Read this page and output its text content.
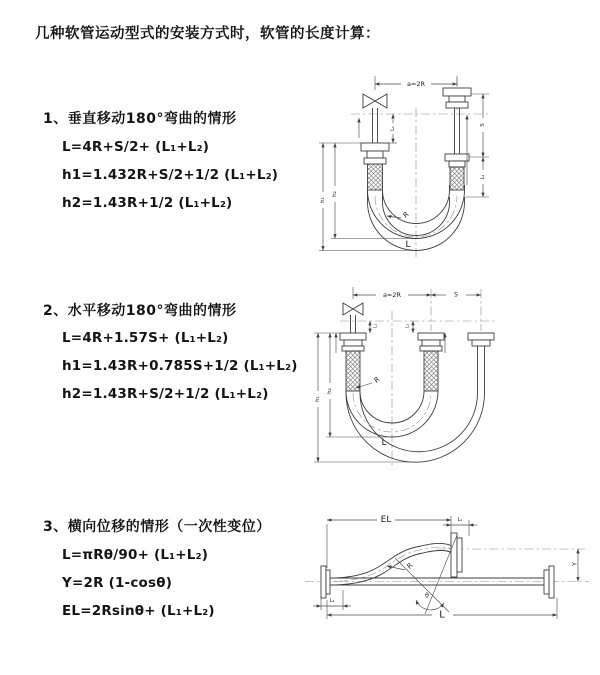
几种软管运动型式的安装方式时，软管的长度计算：
1、垂直移动180°弯曲的情形
L=4R+S/2+ (L₁+L₂)
h1=1.432R+S/2+1/2 (L₁+L₂)
h2=1.43R+1/2 (L₁+L₂)
2、水平移动180°弯曲的情形
L=4R+1.57S+ (L₁+L₂)
h1=1.43R+0.785S+1/2 (L₁+L₂)
h2=1.43R+S/2+1/2 (L₁+L₂)
3、横向位移的情形（一次性变位）
L=πRθ/90+ (L₁+L₂)
Y=2R (1-cosθ)
EL=2Rsinθ+ (L₁+L₂)
a=2R
h₁
h₂
L₁
S
L₂
R
L
a=2R	S
h₁
h₂
L₁	L₂
R
L
EL	L₁
θ
R	Y
L₂
L
